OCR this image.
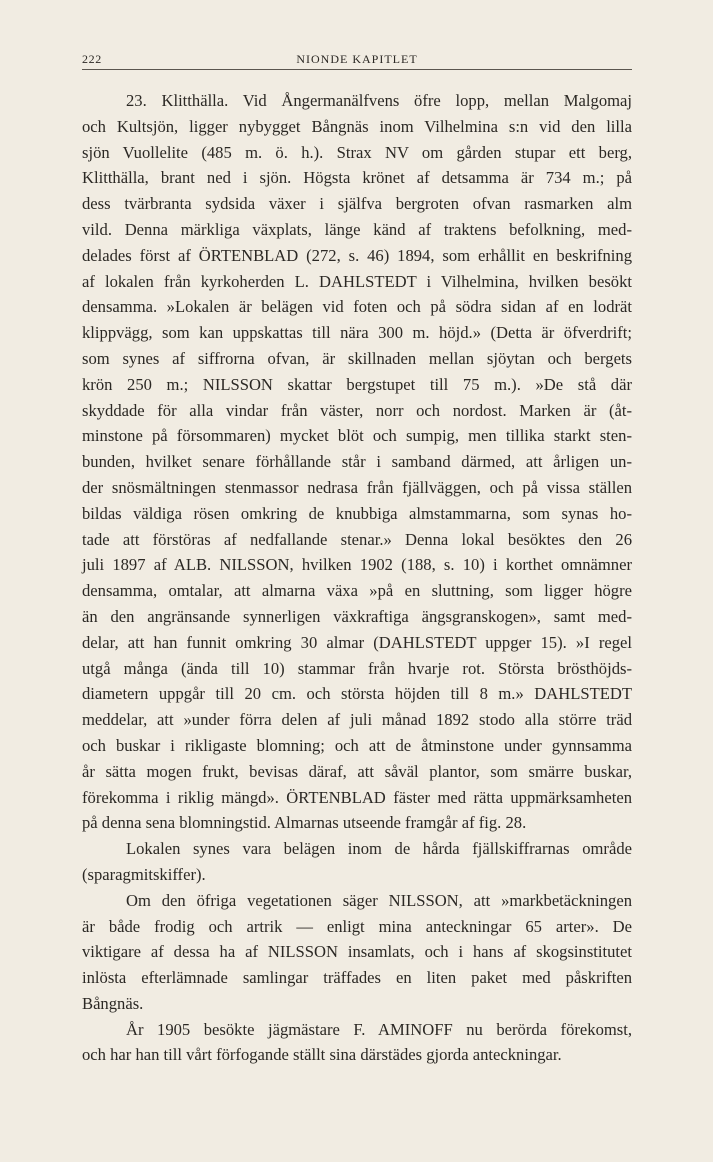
222	NIONDE KAPITLET

23. Klitthälla. Vid Ångermanälfvens öfre lopp, mellan Malgomaj
och Kultsjön, ligger nybygget Bångnäs inom Vilhelmina s:n vid den lilla
sjön Vuollelite (485 m. ö. h.). Strax NV om gården stupar ett berg,
Klitthälla, brant ned i sjön. Högsta krönet af detsamma är 734 m.; på
dess tvärbranta sydsida växer i själfva bergroten ofvan rasmarken alm
vild. Denna märkliga växplats, länge känd af traktens befolkning, med-
delades först af ÖRTENBLAD (272, s. 46) 1894, som erhållit en beskrifning
af lokalen från kyrkoherden L. DAHLSTEDT i Vilhelmina, hvilken besökt
densamma. »Lokalen är belägen vid foten och på södra sidan af en lodrät
klippvägg, som kan uppskattas till nära 300 m. höjd.» (Detta är öfverdrift;
som synes af siffrorna ofvan, är skillnaden mellan sjöytan och bergets
krön 250 m.; NILSSON skattar bergstupet till 75 m.). »De stå där
skyddade för alla vindar från väster, norr och nordost. Marken är (åt-
minstone på försommaren) mycket blöt och sumpig, men tillika starkt sten-
bunden, hvilket senare förhållande står i samband därmed, att årligen un-
der snösmältningen stenmassor nedrasa från fjällväggen, och på vissa ställen
bildas väldiga rösen omkring de knubbiga almstammarna, som synas ho-
tade att förstöras af nedfallande stenar.» Denna lokal besöktes den 26
juli 1897 af ALB. NILSSON, hvilken 1902 (188, s. 10) i korthet omnämner
densamma, omtalar, att almarna växa »på en sluttning, som ligger högre
än den angränsande synnerligen växkraftiga ängsgranskogen», samt med-
delar, att han funnit omkring 30 almar (DAHLSTEDT uppger 15). »I regel
utgå många (ända till 10) stammar från hvarje rot. Största brösthöjds-
diametern uppgår till 20 cm. och största höjden till 8 m.» DAHLSTEDT
meddelar, att »under förra delen af juli månad 1892 stodo alla större träd
och buskar i rikligaste blomning; och att de åtminstone under gynnsamma
år sätta mogen frukt, bevisas däraf, att såväl plantor, som smärre buskar,
förekomma i riklig mängd». ÖRTENBLAD fäster med rätta uppmärksamheten
på denna sena blomningstid. Almarnas utseende framgår af fig. 28.

Lokalen synes vara belägen inom de hårda fjällskiffrarnas område
(sparagmitskiffer).

Om den öfriga vegetationen säger NILSSON, att »markbetäckningen
är både frodig och artrik — enligt mina anteckningar 65 arter». De
viktigare af dessa ha af NILSSON insamlats, och i hans af skogsinstitutet
inlösta efterlämnade samlingar träffades en liten paket med påskriften
Bångnäs.

År 1905 besökte jägmästare F. AMINOFF nu berörda förekomst,
och har han till vårt förfogande ställt sina därstädes gjorda anteckningar.
